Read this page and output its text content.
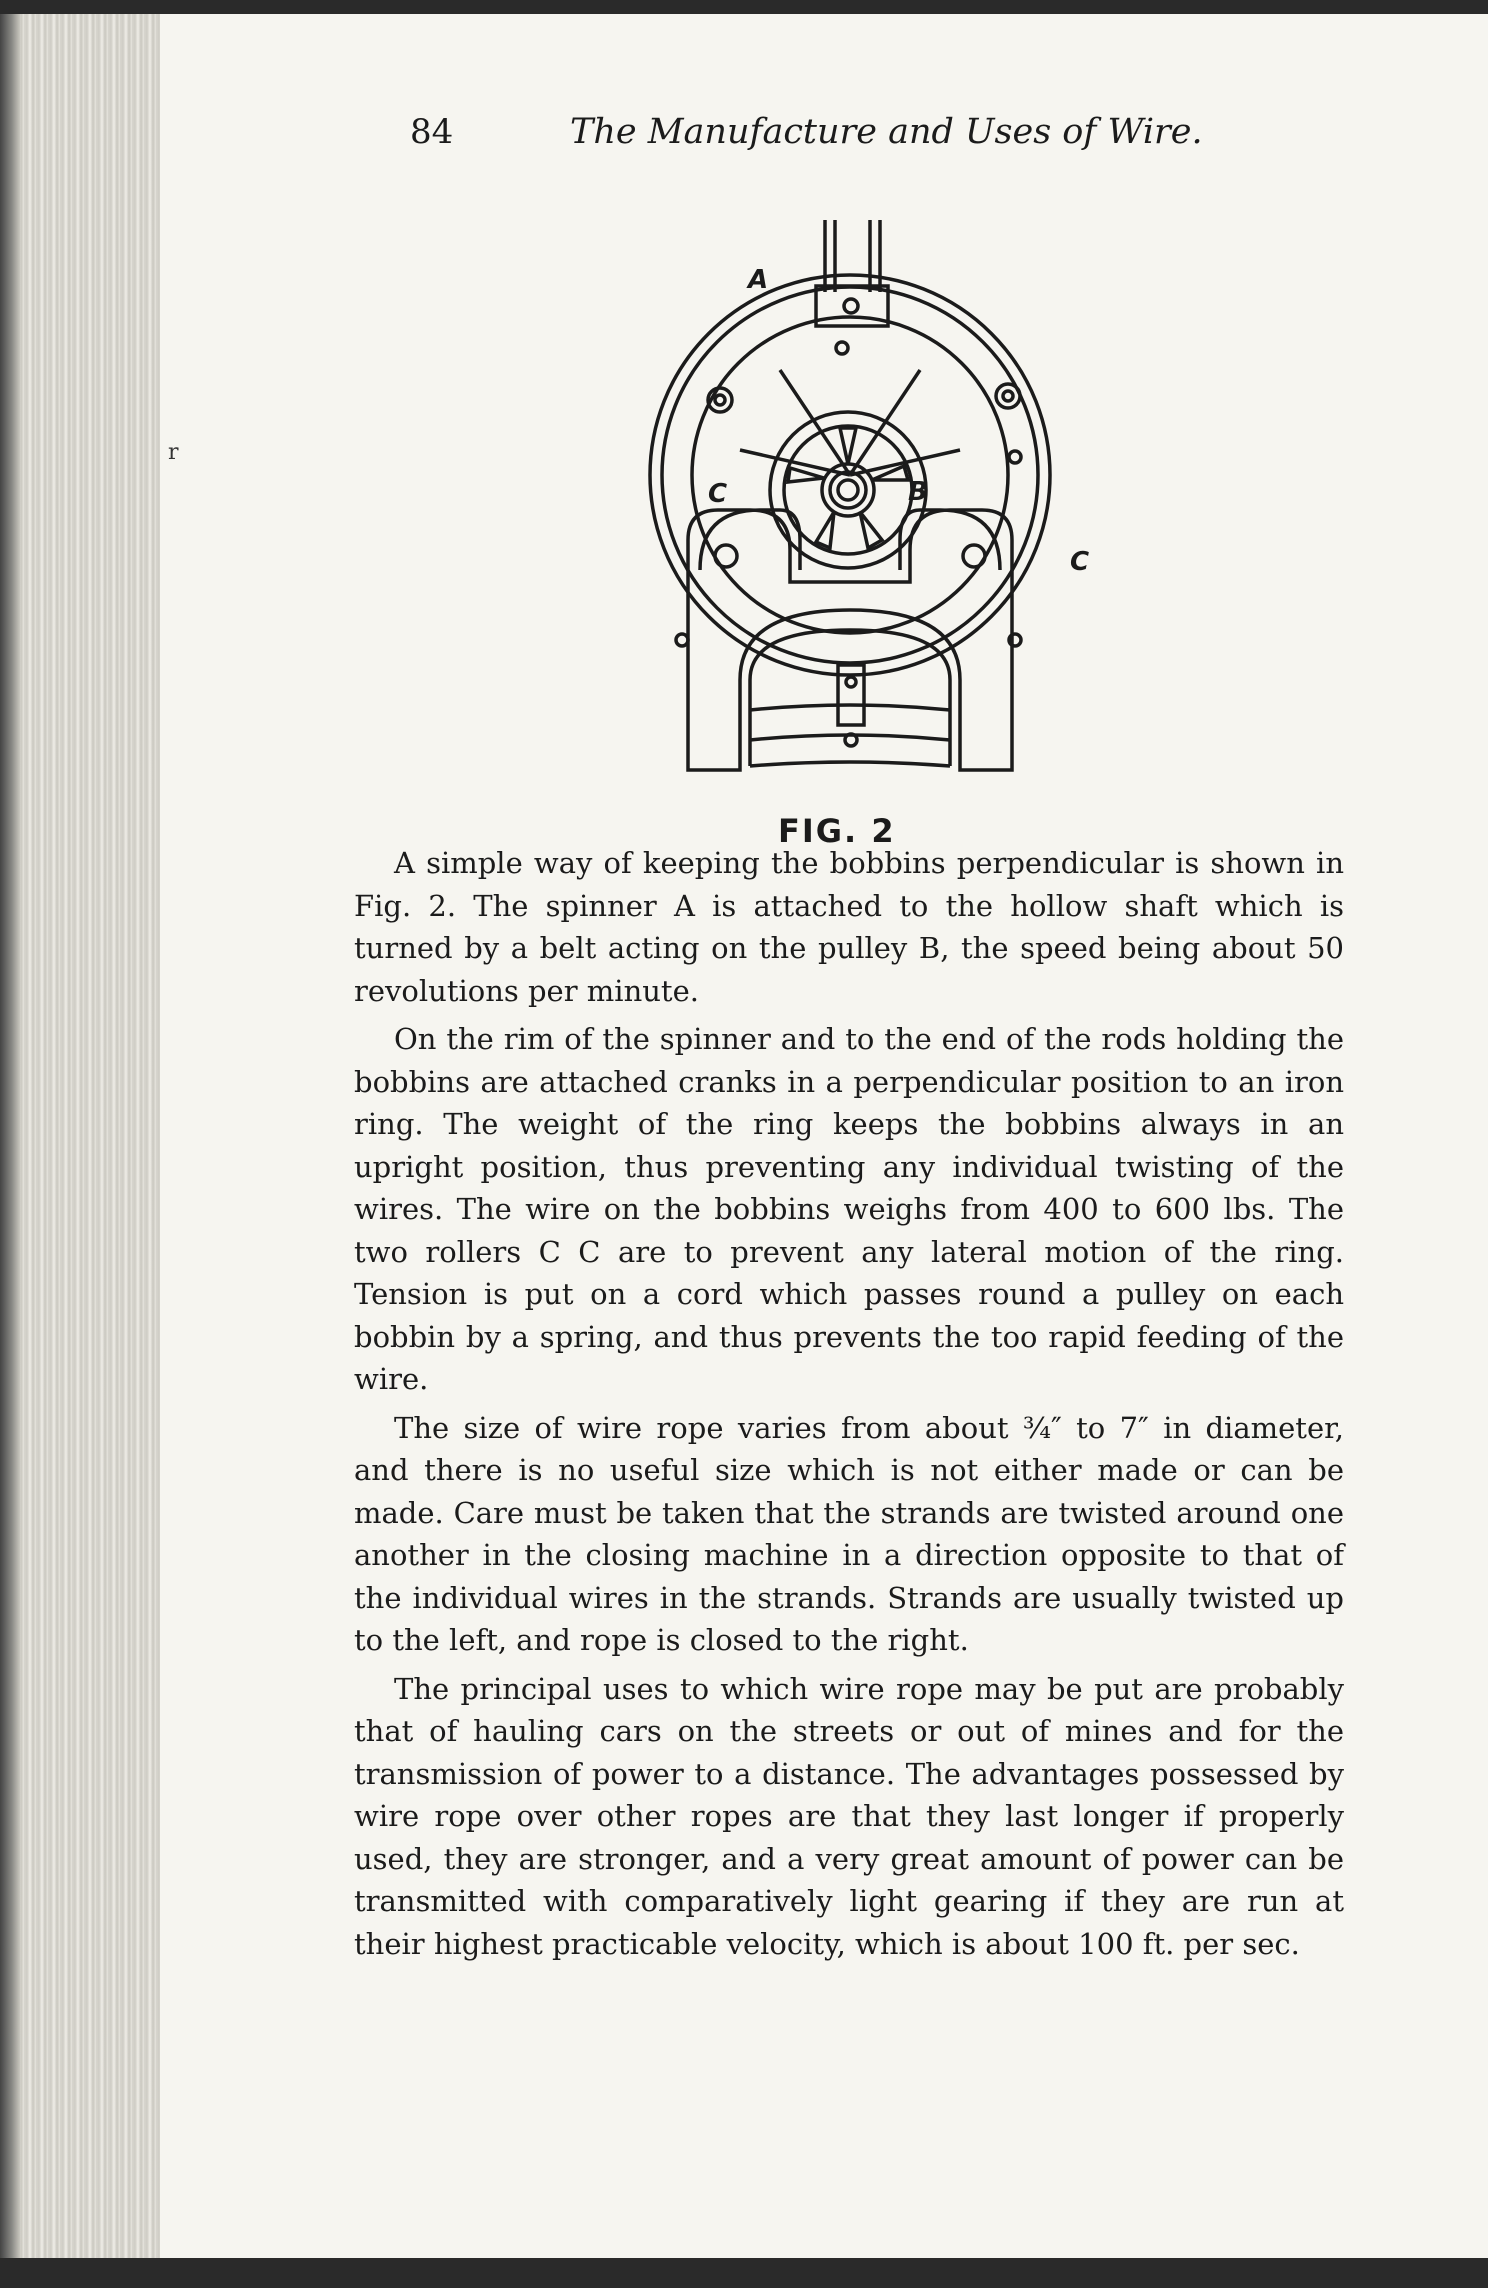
r
84	The Manufacture and Uses of Wire.
A
B
C
C
FIG. 2

A simple way of keeping the bobbins perpendicular is shown in Fig. 2. The spinner A is attached to the hollow shaft which is turned by a belt acting on the pulley B, the speed being about 50 revolutions per minute.

On the rim of the spinner and to the end of the rods holding the bobbins are attached cranks in a perpendicular position to an iron ring. The weight of the ring keeps the bobbins always in an upright position, thus preventing any individual twisting of the wires. The wire on the bobbins weighs from 400 to 600 lbs. The two rollers C C are to prevent any lateral motion of the ring. Tension is put on a cord which passes round a pulley on each bobbin by a spring, and thus prevents the too rapid feeding of the wire.

The size of wire rope varies from about ¾″ to 7″ in diameter, and there is no useful size which is not either made or can be made. Care must be taken that the strands are twisted around one another in the closing machine in a direction opposite to that of the individual wires in the strands. Strands are usually twisted up to the left, and rope is closed to the right.

The principal uses to which wire rope may be put are probably that of hauling cars on the streets or out of mines and for the transmission of power to a distance. The advantages possessed by wire rope over other ropes are that they last longer if properly used, they are stronger, and a very great amount of power can be transmitted with comparatively light gearing if they are run at their highest practicable velocity, which is about 100 ft. per sec.
